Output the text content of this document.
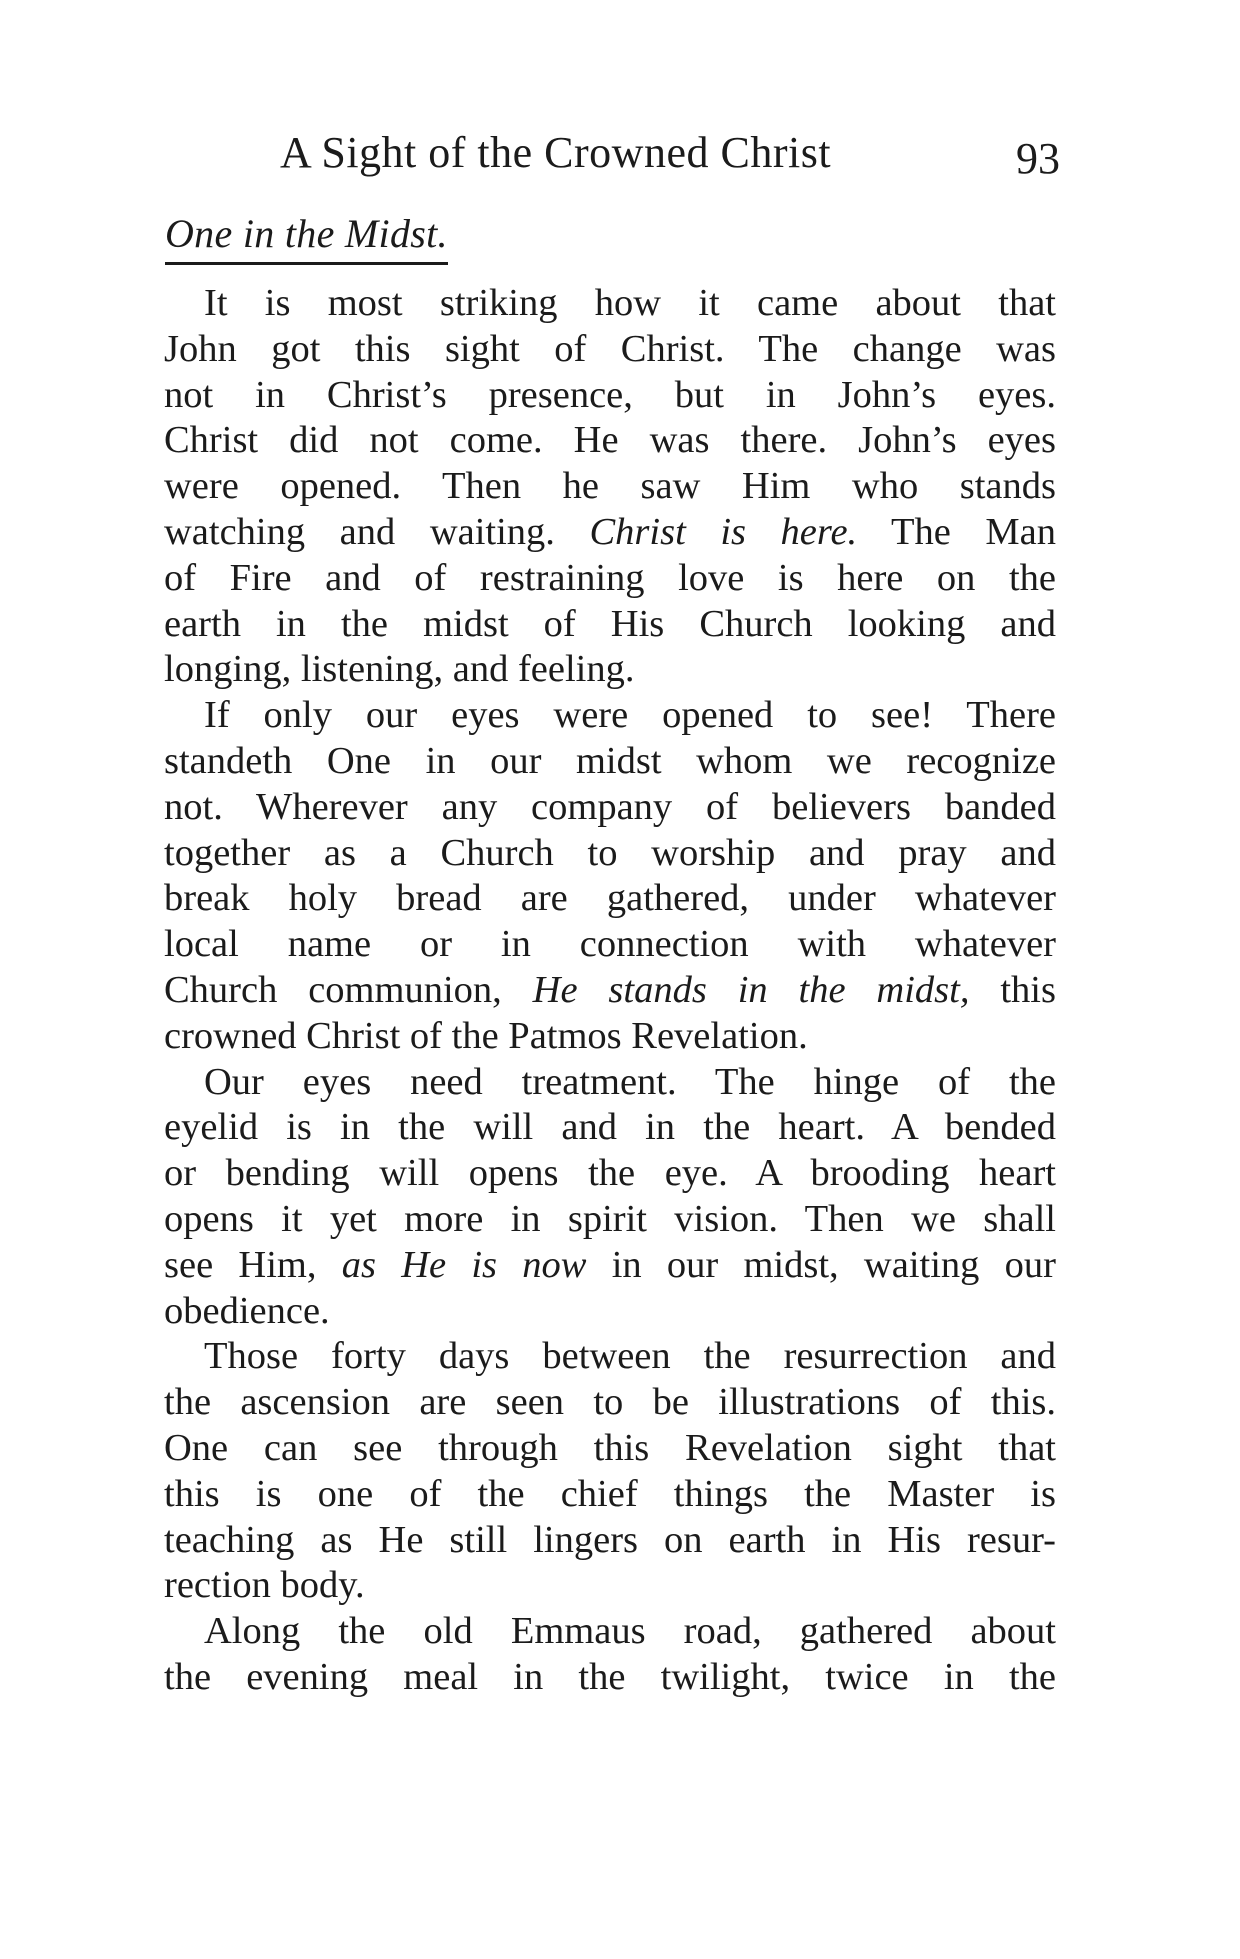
A Sight of the Crowned Christ	93
One in the Midst.
It is most striking how it came about that
John got this sight of Christ. The change was
not in Christ’s presence, but in John’s eyes.
Christ did not come. He was there. John’s eyes
were opened. Then he saw Him who stands
watching and waiting. Christ is here. The Man
of Fire and of restraining love is here on the
earth in the midst of His Church looking and
longing, listening, and feeling.
If only our eyes were opened to see! There
standeth One in our midst whom we recognize
not. Wherever any company of believers banded
together as a Church to worship and pray and
break holy bread are gathered, under whatever
local name or in connection with whatever
Church communion, He stands in the midst, this
crowned Christ of the Patmos Revelation.
Our eyes need treatment. The hinge of the
eyelid is in the will and in the heart. A bended
or bending will opens the eye. A brooding heart
opens it yet more in spirit vision. Then we shall
see Him, as He is now in our midst, waiting our
obedience.
Those forty days between the resurrection and
the ascension are seen to be illustrations of this.
One can see through this Revelation sight that
this is one of the chief things the Master is
teaching as He still lingers on earth in His resur-
rection body.
Along the old Emmaus road, gathered about
the evening meal in the twilight, twice in the
